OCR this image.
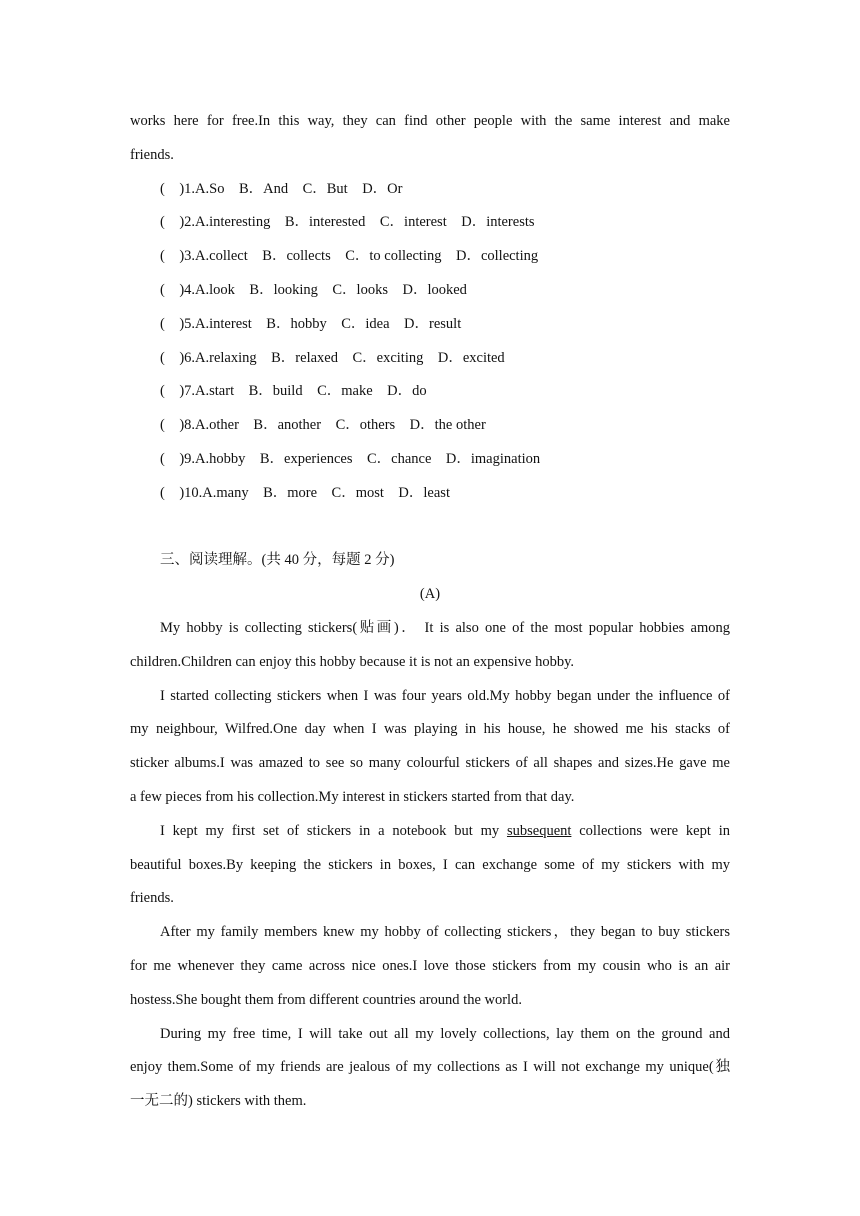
works here for free.In this way, they can find other people with the same interest and make
friends.
(    )1.A.So    B．And    C．But    D．Or
(    )2.A.interesting    B．interested    C．interest    D．interests
(    )3.A.collect    B．collects    C．to collecting    D．collecting
(    )4.A.look    B．looking    C．looks    D．looked
(    )5.A.interest    B．hobby    C．idea    D．result
(    )6.A.relaxing    B．relaxed    C．exciting    D．excited
(    )7.A.start    B．build    C．make    D．do
(    )8.A.other    B．another    C．others    D．the other
(    )9.A.hobby    B．experiences    C．chance    D．imagination
(    )10.A.many    B．more    C．most    D．least
三、阅读理解。(共 40 分，每题 2 分)
(A)
My hobby is collecting stickers(贴画)． It is also one of the most popular hobbies among
children.Children can enjoy this hobby because it is not an expensive hobby.
I started collecting stickers when I was four years old.My hobby began under the influence of
my neighbour, Wilfred.One day when I was playing in his house, he showed me his stacks of
sticker albums.I was amazed to see so many colourful stickers of all shapes and sizes.He gave me
a few pieces from his collection.My interest in stickers started from that day.
I kept my first set of stickers in a notebook but my subsequent collections were kept in
beautiful boxes.By keeping the stickers in boxes, I can exchange some of my stickers with my
friends.
After my family members knew my hobby of collecting stickers，they began to buy stickers
for me whenever they came across nice ones.I love those stickers from my cousin who is an air
hostess.She bought them from different countries around the world.
During my free time, I will take out all my lovely collections, lay them on the ground and
enjoy them.Some of my friends are jealous of my collections as I will not exchange my unique(独
一无二的) stickers with them.
